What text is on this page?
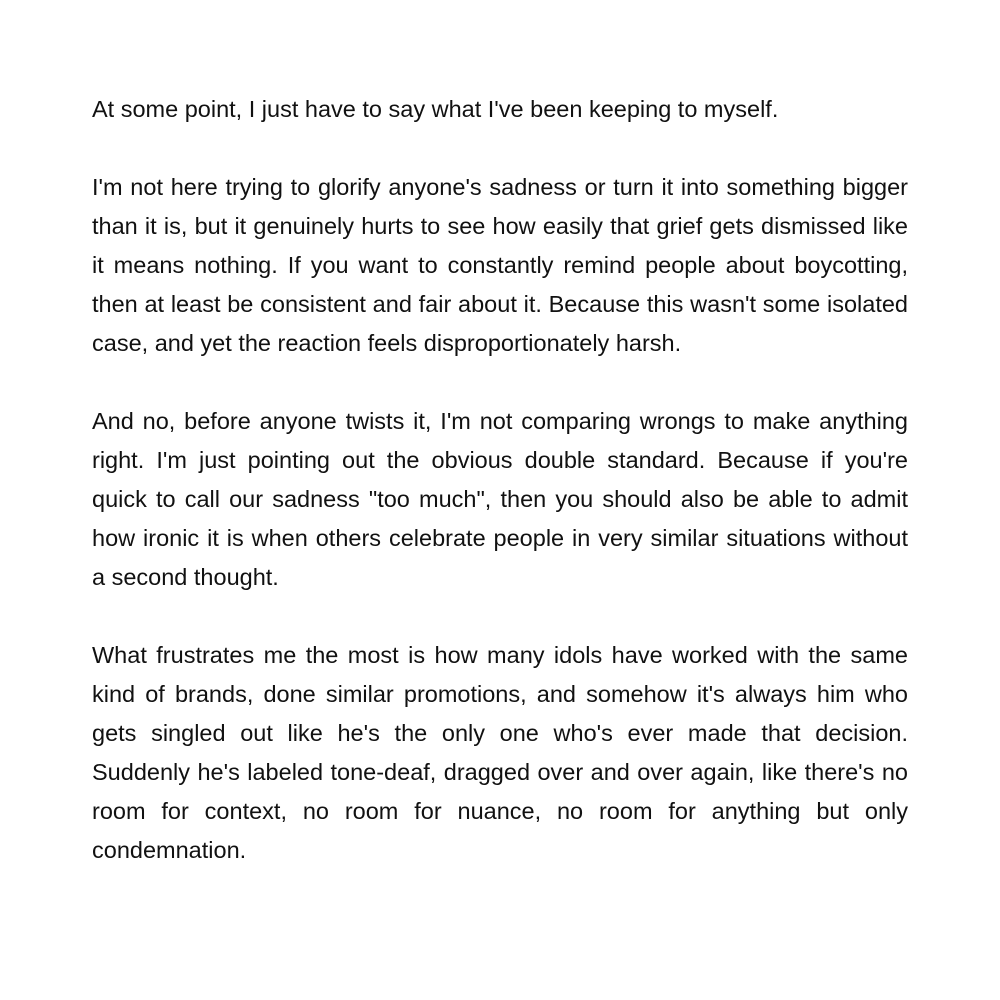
At some point, I just have to say what I've been keeping to myself.

I'm not here trying to glorify anyone's sadness or turn it into something bigger than it is, but it genuinely hurts to see how easily that grief gets dismissed like it means nothing. If you want to constantly remind people about boycotting, then at least be consistent and fair about it. Because this wasn't some isolated case, and yet the reaction feels disproportionately harsh.

And no, before anyone twists it, I'm not comparing wrongs to make anything right. I'm just pointing out the obvious double standard. Because if you're quick to call our sadness "too much", then you should also be able to admit how ironic it is when others celebrate people in very similar situations without a second thought.

What frustrates me the most is how many idols have worked with the same kind of brands, done similar promotions, and somehow it's always him who gets singled out like he's the only one who's ever made that decision. Suddenly he's labeled tone-deaf, dragged over and over again, like there's no room for context, no room for nuance, no room for anything but only condemnation.
